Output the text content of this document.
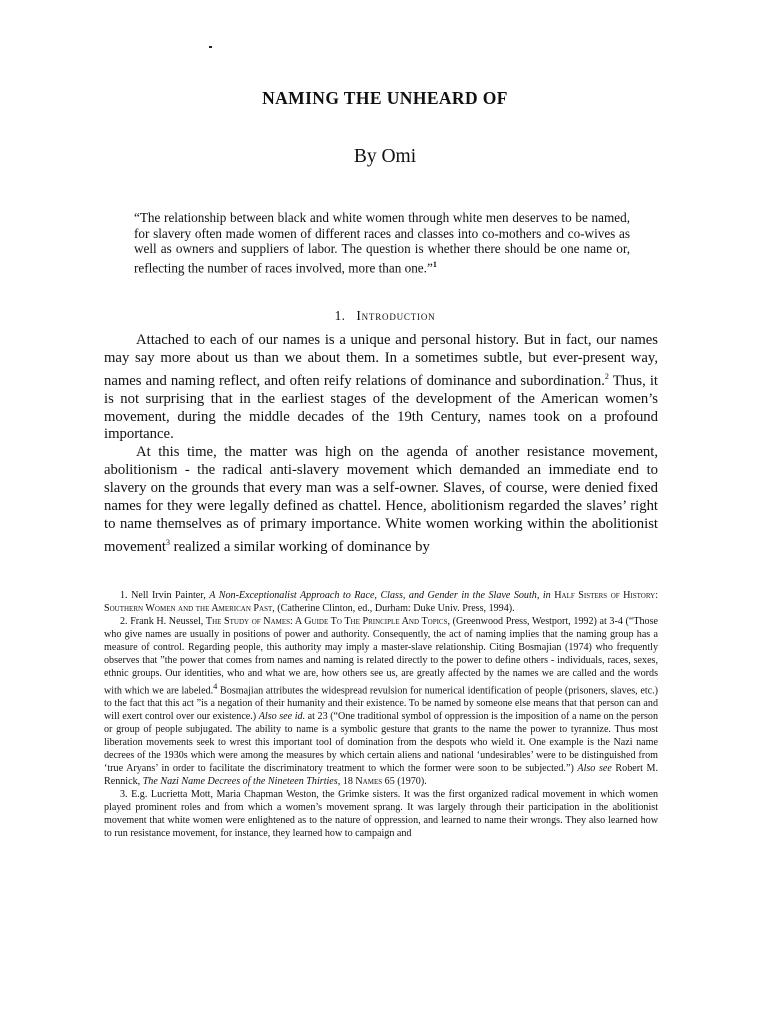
NAMING THE UNHEARD OF
By Omi
“The relationship between black and white women through white men deserves to be named, for slavery often made women of different races and classes into co-mothers and co-wives as well as owners and suppliers of labor. The question is whether there should be one name or, reflecting the number of races involved, more than one.”$^1$
1. Introduction

Attached to each of our names is a unique and personal history. But in fact, our names may say more about us than we about them. In a sometimes subtle, but ever-present way, names and naming reflect, and often reify relations of dominance and subordination.$^2$ Thus, it is not surprising that in the earliest stages of the development of the American women’s movement, during the middle decades of the 19th Century, names took on a profound importance.

At this time, the matter was high on the agenda of another resistance movement, abolitionism - the radical anti-slavery movement which demanded an immediate end to slavery on the grounds that every man was a self-owner. Slaves, of course, were denied fixed names for they were legally defined as chattel. Hence, abolitionism regarded the slaves’ right to name themselves as of primary importance. White women working within the abolitionist movement$^3$ realized a similar working of dominance by

1. Nell Irvin Painter, A Non-Exceptionalist Approach to Race, Class, and Gender in the Slave South, in Half Sisters of History: Southern Women and the American Past, (Catherine Clinton, ed., Durham: Duke Univ. Press, 1994).

2. Frank H. Neussel, The Study of Names: A Guide To The Principle And Topics, (Greenwood Press, Westport, 1992) at 3-4 (“Those who give names are usually in positions of power and authority. Consequently, the act of naming implies that the naming group has a measure of control. Regarding people, this authority may imply a master-slave relationship. Citing Bosmajian (1974) who frequently observes that ”the power that comes from names and naming is related directly to the power to define others - individuals, races, sexes, ethnic groups. Our identities, who and what we are, how others see us, are greatly affected by the names we are called and the words with which we are labeled.$^4$ Bosmajian attributes the widespread revulsion for numerical identification of people (prisoners, slaves, etc.) to the fact that this act ”is a negation of their humanity and their existence. To be named by someone else means that that person can and will exert control over our existence.) Also see id. at 23 (“One traditional symbol of oppression is the imposition of a name on the person or group of people subjugated. The ability to name is a symbolic gesture that grants to the name the power to tyrannize. Thus most liberation movements seek to wrest this important tool of domination from the despots who wield it. One example is the Nazi name decrees of the 1930s which were among the measures by which certain aliens and national ‘undesirables’ were to be distinguished from ‘true Aryans’ in order to facilitate the discriminatory treatment to which the former were soon to be subjected.”) Also see Robert M. Rennick, The Nazi Name Decrees of the Nineteen Thirties, 18 Names 65 (1970).

3. E.g. Lucrietta Mott, Maria Chapman Weston, the Grimke sisters. It was the first organized radical movement in which women played prominent roles and from which a women’s movement sprang. It was largely through their participation in the abolitionist movement that white women were enlightened as to the nature of oppression, and learned to name their wrongs. They also learned how to run resistance movement, for instance, they learned how to campaign and
